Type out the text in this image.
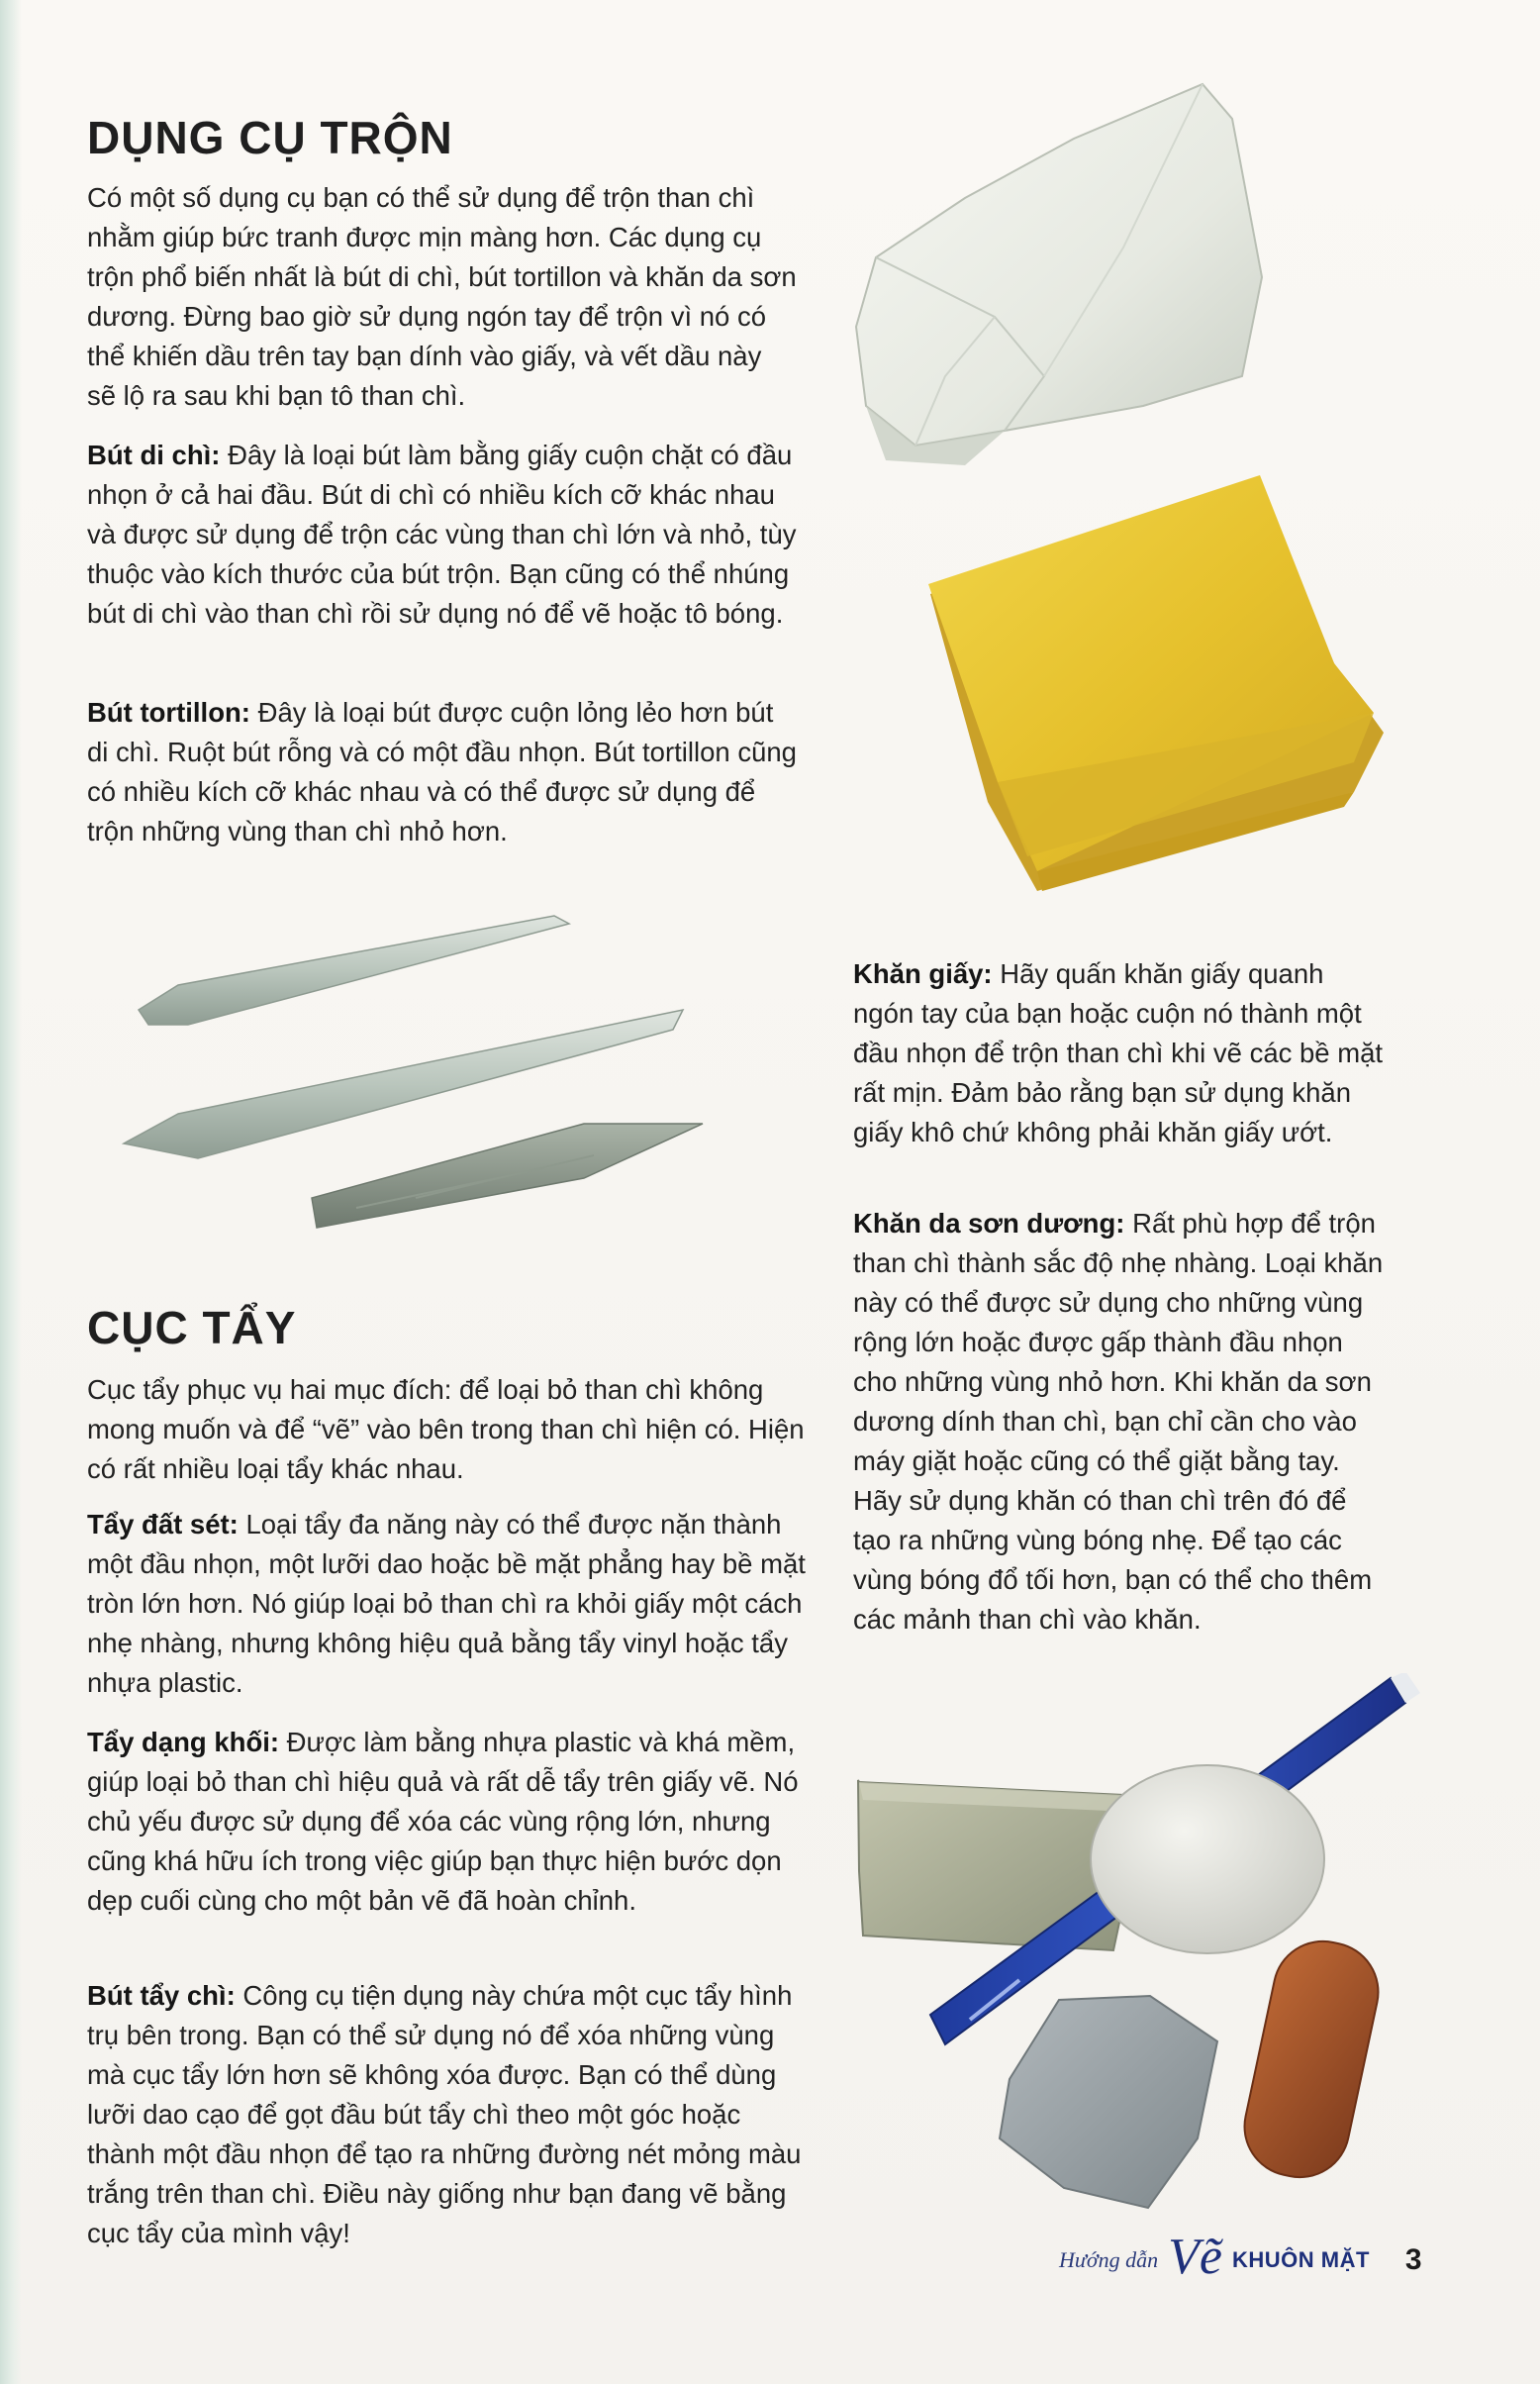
DỤNG CỤ TRỘN

Có một số dụng cụ bạn có thể sử dụng để trộn than chì nhằm giúp bức tranh được mịn màng hơn. Các dụng cụ trộn phổ biến nhất là bút di chì, bút tortillon và khăn da sơn dương. Đừng bao giờ sử dụng ngón tay để trộn vì nó có thể khiến dầu trên tay bạn dính vào giấy, và vết dầu này sẽ lộ ra sau khi bạn tô than chì.

Bút di chì: Đây là loại bút làm bằng giấy cuộn chặt có đầu nhọn ở cả hai đầu. Bút di chì có nhiều kích cỡ khác nhau và được sử dụng để trộn các vùng than chì lớn và nhỏ, tùy thuộc vào kích thước của bút trộn. Bạn cũng có thể nhúng bút di chì vào than chì rồi sử dụng nó để vẽ hoặc tô bóng.

Bút tortillon: Đây là loại bút được cuộn lỏng lẻo hơn bút di chì. Ruột bút rỗng và có một đầu nhọn. Bút tortillon cũng có nhiều kích cỡ khác nhau và có thể được sử dụng để trộn những vùng than chì nhỏ hơn.

Khăn giấy: Hãy quấn khăn giấy quanh ngón tay của bạn hoặc cuộn nó thành một đầu nhọn để trộn than chì khi vẽ các bề mặt rất mịn. Đảm bảo rằng bạn sử dụng khăn giấy khô chứ không phải khăn giấy ướt.

Khăn da sơn dương: Rất phù hợp để trộn than chì thành sắc độ nhẹ nhàng. Loại khăn này có thể được sử dụng cho những vùng rộng lớn hoặc được gấp thành đầu nhọn cho những vùng nhỏ hơn. Khi khăn da sơn dương dính than chì, bạn chỉ cần cho vào máy giặt hoặc cũng có thể giặt bằng tay. Hãy sử dụng khăn có than chì trên đó để tạo ra những vùng bóng nhẹ. Để tạo các vùng bóng đổ tối hơn, bạn có thể cho thêm các mảnh than chì vào khăn.

CỤC TẨY

Cục tẩy phục vụ hai mục đích: để loại bỏ than chì không mong muốn và để “vẽ” vào bên trong than chì hiện có. Hiện có rất nhiều loại tẩy khác nhau.

Tẩy đất sét: Loại tẩy đa năng này có thể được nặn thành một đầu nhọn, một lưỡi dao hoặc bề mặt phẳng hay bề mặt tròn lớn hơn. Nó giúp loại bỏ than chì ra khỏi giấy một cách nhẹ nhàng, nhưng không hiệu quả bằng tẩy vinyl hoặc tẩy nhựa plastic.

Tẩy dạng khối: Được làm bằng nhựa plastic và khá mềm, giúp loại bỏ than chì hiệu quả và rất dễ tẩy trên giấy vẽ. Nó chủ yếu được sử dụng để xóa các vùng rộng lớn, nhưng cũng khá hữu ích trong việc giúp bạn thực hiện bước dọn dẹp cuối cùng cho một bản vẽ đã hoàn chỉnh.

Bút tẩy chì: Công cụ tiện dụng này chứa một cục tẩy hình trụ bên trong. Bạn có thể sử dụng nó để xóa những vùng mà cục tẩy lớn hơn sẽ không xóa được. Bạn có thể dùng lưỡi dao cạo để gọt đầu bút tẩy chì theo một góc hoặc thành một đầu nhọn để tạo ra những đường nét mỏng màu trắng trên than chì. Điều này giống như bạn đang vẽ bằng cục tẩy của mình vậy!

Hướng dẫn Vẽ KHUÔN MẶT 3
